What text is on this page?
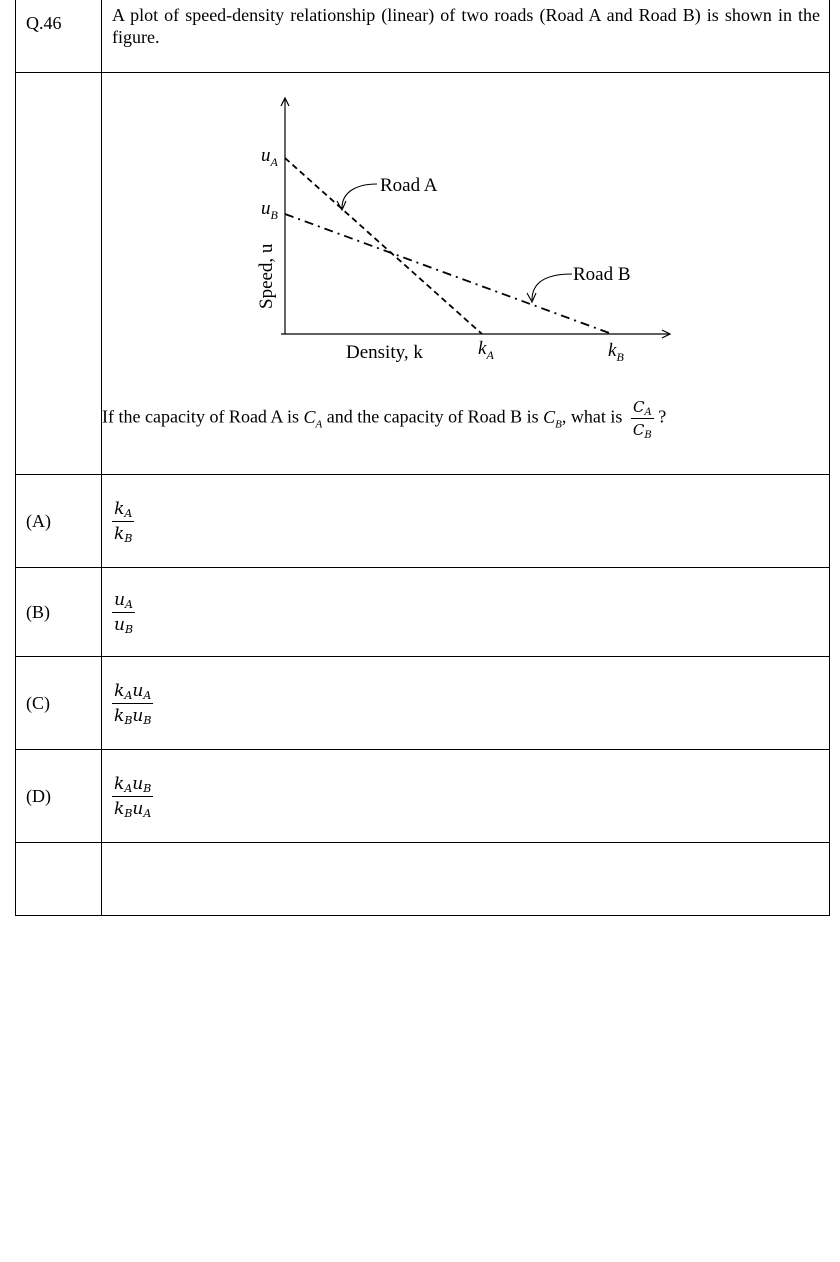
Q.46	A plot of speed-density relationship (linear) of two roads (Road A and Road B) is shown in the figure.

(A)	$\frac{k_A}{k_B}$

(B)	$\frac{u_A}{u_B}$

(C)	$\frac{k_Au_A}{k_Bu_B}$

(D)	$\frac{k_Au_B}{k_Bu_A}$

$u_A$
$u_B$
$k_A$	$k_B$
Density, k
Speed, u
Road A
Road B
If the capacity of Road A is $C_A$ and the capacity of Road B is $C_B$, what is $\frac{C_A}{C_B}$ ?
